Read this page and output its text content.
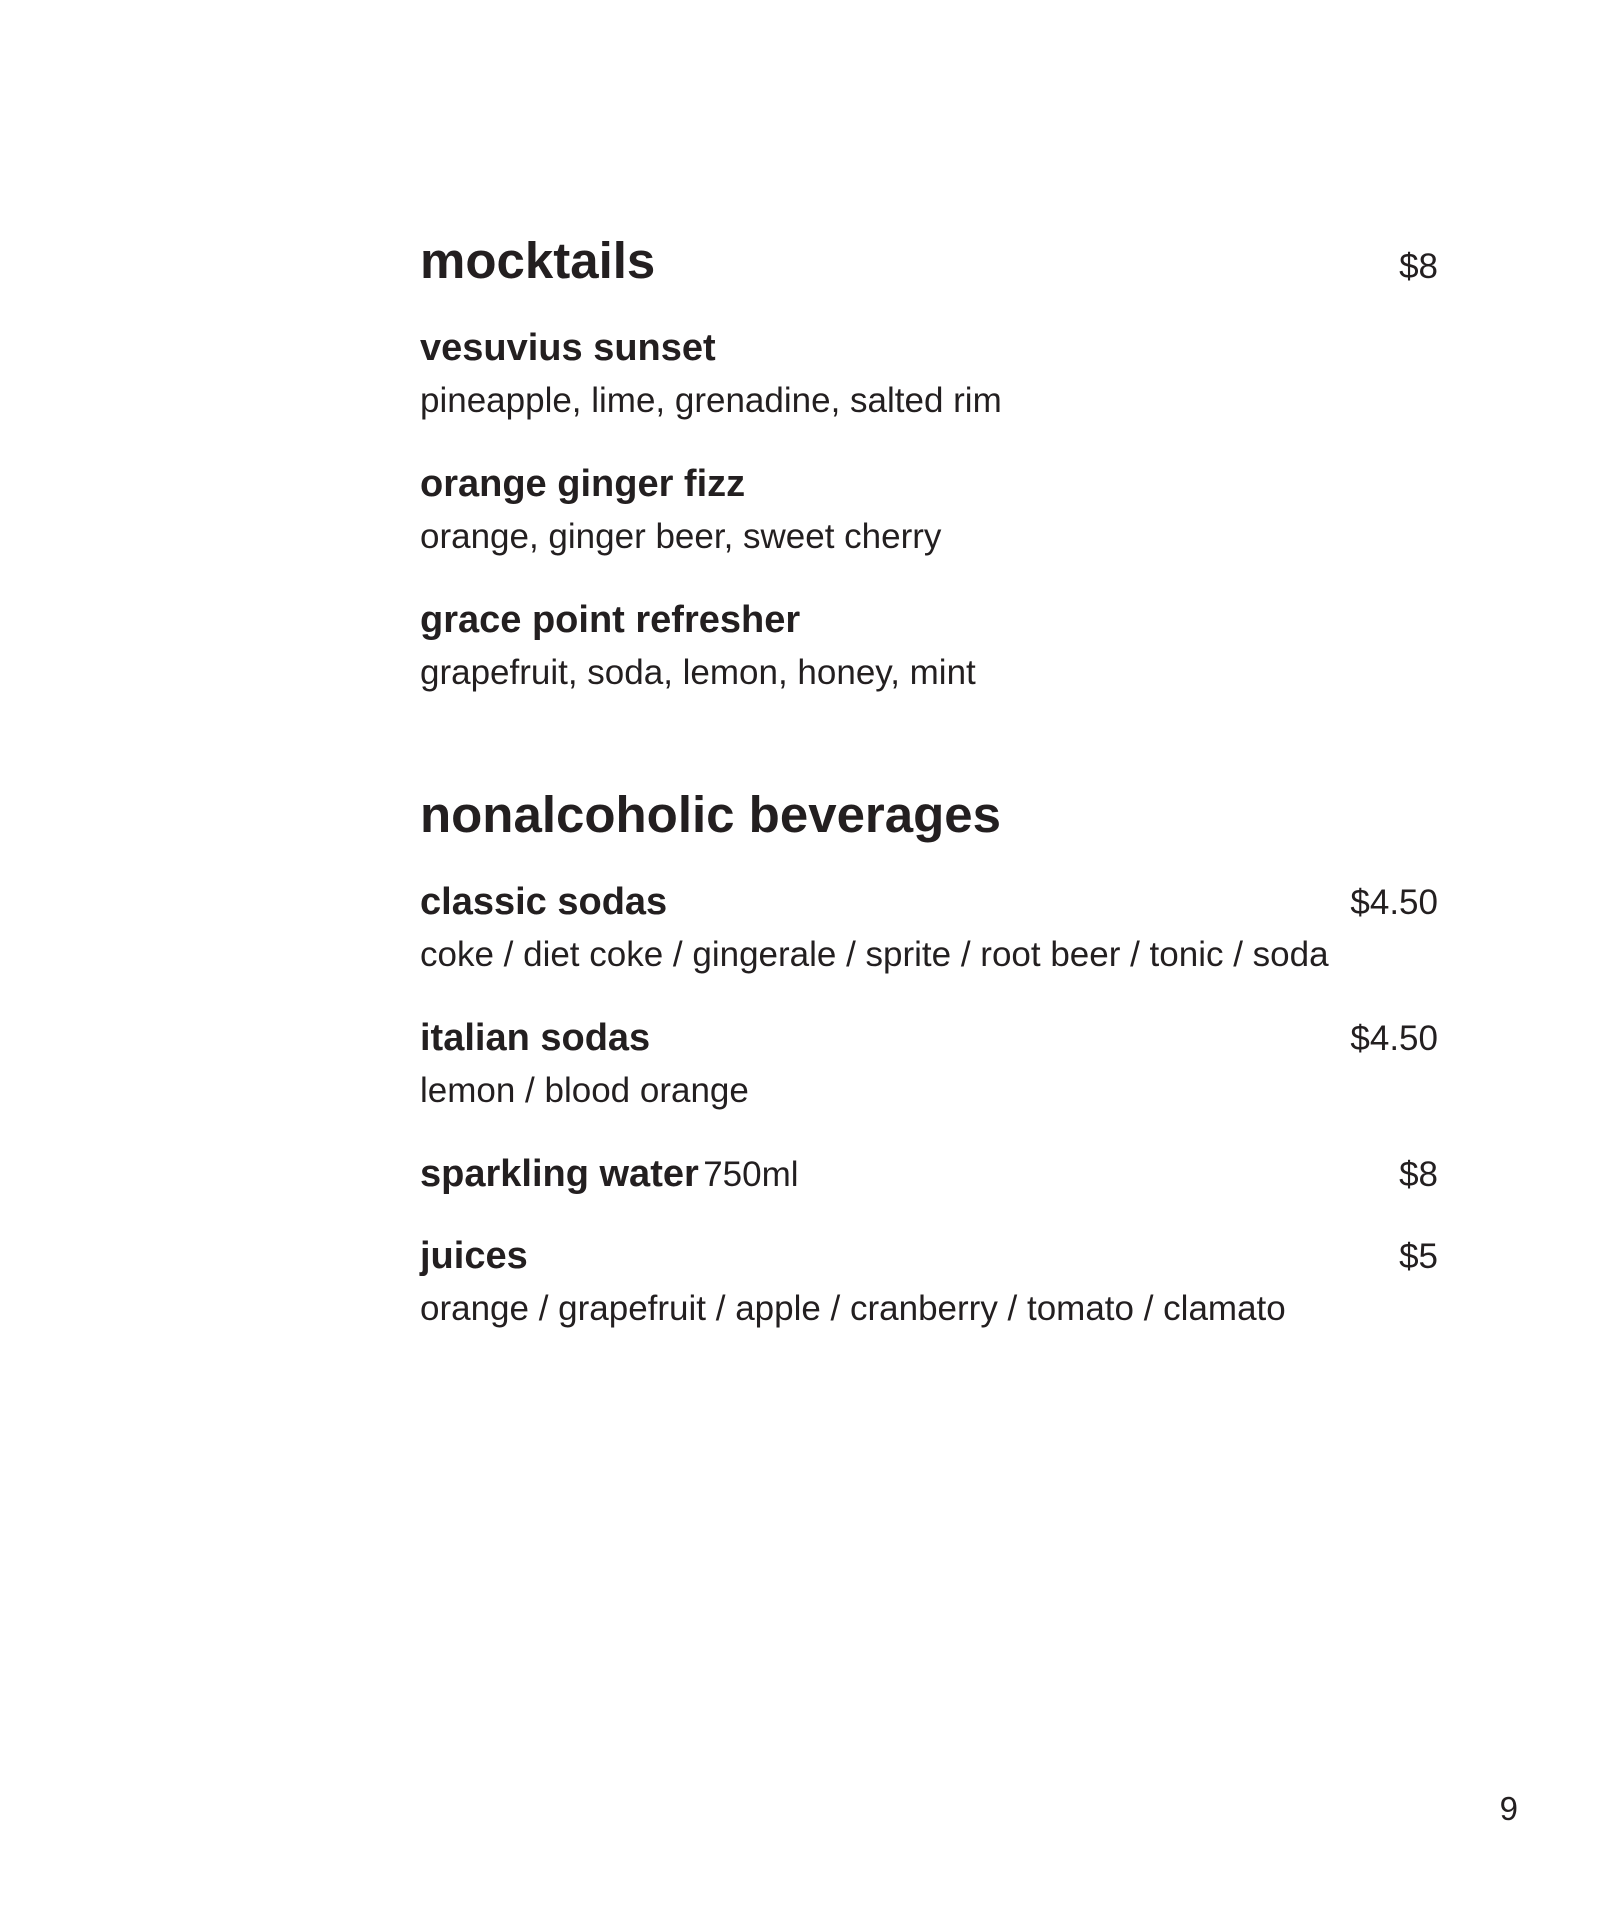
mocktails	$8
vesuvius sunset
pineapple, lime, grenadine, salted rim
orange ginger fizz
orange, ginger beer, sweet cherry
grace point refresher
grapefruit, soda, lemon, honey, mint
nonalcoholic beverages
classic sodas	$4.50
coke / diet coke / gingerale / sprite / root beer / tonic / soda
italian sodas	$4.50
lemon / blood orange
sparkling water 750ml	$8
juices	$5
orange / grapefruit / apple / cranberry / tomato / clamato
9
